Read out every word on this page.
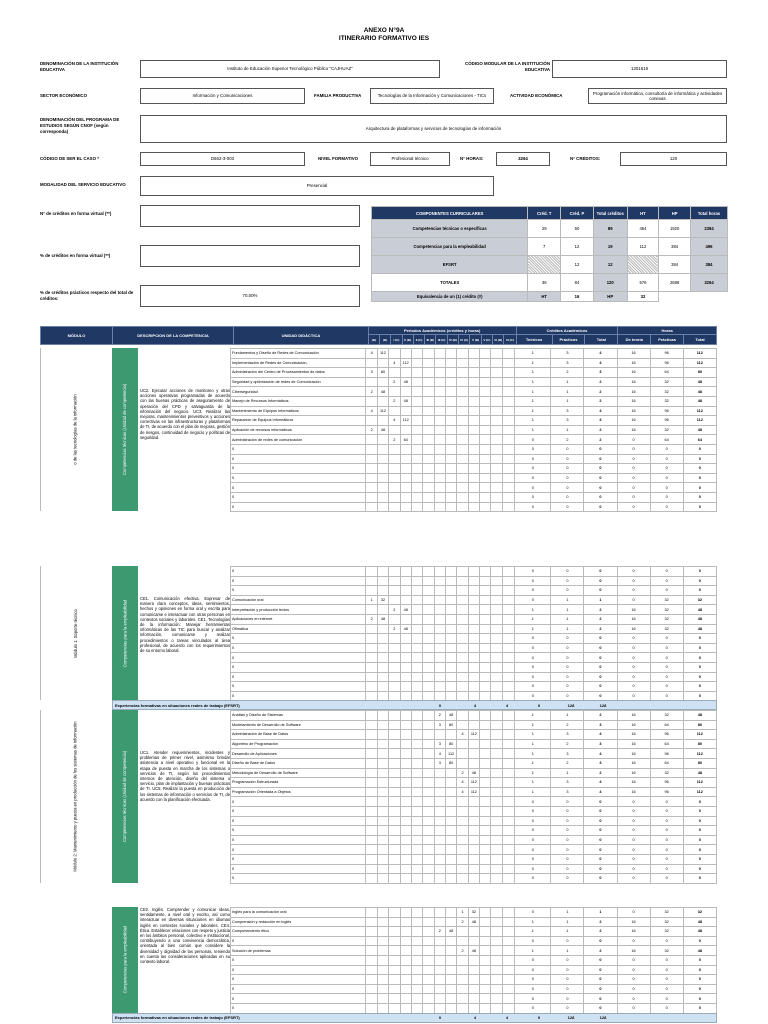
ANEXO N°9A
ITINERARIO FORMATIVO IES
DENOMINACIÓN DE LA INSTITUCIÓN EDUCATIVA	Instituto de Educación Superior Tecnológico Público "CAJHUAZ"
CÓDIGO MODULAR DE LA INSTITUCIÓN EDUCATIVA	1301619
SECTOR ECONÓMICO	Información y Comunicaciones	FAMILIA PRODUCTIVA	Tecnologías de la Información y Comunicaciones - TICs	ACTIVIDAD ECONÓMICA	Programación informática, consultoría de informática y actividades conexas
DENOMINACIÓN DEL PROGRAMA DE ESTUDIOS SEGÚN CNOF (según corresponda)
Arquitectura de plataformas y servicios de tecnologías de información
CÓDIGO DE SER EL CASO *	D662-3-003	NIVEL FORMATIVO	Profesional técnico	N° HORAS:	3264	N° CRÉDITOS:	120
MODALIDAD DEL SERVICIO EDUCATIVO	Presencial
N° de créditos en forma virtual (**)
% de créditos en forma virtual (**)
% de créditos prácticos respecto del total de créditos:
70.00%
COMPONENTES CURRICULARES	Créd. T	Créd. P	Total créditos	HT	HP	Total horas
Competencias técnicas o específicas	29	60	89	464	1920	2384
Competencias para la empleabilidad	7	12	19	112	384	496
EFSRT		12	12		384	384
TOTALES	36	84	120	576	2688	3264
Equivalencia de un (1) crédito (#)	HT	16	HP	32		
MÓDULO	DESCRIPCION DE LA COMPETENCIA	UNIDAD DIDÁCTICA	Periodos Académicos (créditos y horas)													Créditos Académicos			Horas		
			(B)	(B)	I (C)	II (B)	II (C)	III (B)	III (C)	IV (B)	IV (C)	V (B)	V (C)	VI (B)	VI (C)	Teóricos	Prácticos	Total	De teoría	Prácticas	Total
o de las tecnologías de la información	Competencias técnicas (Unidad de competencia)	UC2. Ejecutar acciones de monitoreo y otras acciones operativas programadas de acuerdo con las buenas prácticas de aseguramiento de operación del CPD y salvaguarda de la información del negocio. UC3. Realizar las mejoras, mantenimientos preventivos y acciones correctivas en las infraestructuras y plataformas de TI, de acuerdo con el plan de mejoras, gestión de riesgos, continuidad de negocio y políticas de seguridad.
Fundamentos y Diseño de Redes de Comunicación	4	112												1	3	4	16	96	112
Implementación de Redes de Comunicación.			4	112										1	3	4	16	96	112
Administración del Centro de Procesamientos de datos	3	80												1	2	3	16	64	80
Seguridad y optimización de redes de Comunicación			2	48										1	1	2	16	32	48
Ciberseguridad	2	48												1	1	2	16	32	48
Manejo de Recursos Informáticos			2	48										1	1	2	16	32	48
Mantenimiento de Equipos Informáticos	4	112												1	3	4	16	96	112
Reparación de Equipos Informáticos			4	112										1	3	4	16	96	112
Aplicación de recursos informáticos	2	48												1	1	2	16	32	48
Administración de redes de comunicación			2	64										0	2	2	0	64	64
0														0	0	0	0	0	0
0														0	0	0	0	0	0
0														0	0	0	0	0	0
0														0	0	0	0	0	0
0														0	0	0	0	0	0
0														0	0	0	0	0	0
0														0	0	0	0	0	0
Módulo 1: Soporte técnico	Competencias para la empleabilidad
CE1. Comunicación efectiva. Expresar de manera clara conceptos, ideas, sentimientos, hechos y opiniones en forma oral y escrita para comunicarse e interactuar con otras personas en contextos sociales y laborales. CE1. Tecnologías de la información: Manejar herramientas informáticas de las TIC para buscar y analizar información, comunicarse y realizar procedimientos o tareas vinculados al área profesional, de acuerdo con los requerimientos de su entorno laboral.
0														0	0	0	0	0	0
0														0	0	0	0	0	0
0														0	0	0	0	0	0
Comunicación oral	1	32												0	1	1	0	32	32
Interpretación y producción textos			2	48										1	1	2	16	32	48
Aplicaciones en internet	2	48												1	1	2	16	32	48
Ofimática			2	48										1	1	2	16	32	48
0														0	0	0	0	0	0
0														0	0	0	0	0	0
0														0	0	0	0	0	0
0														0	0	0	0	0	0
0														0	0	0	0	0	0
0														0	0	0	0	0	0
0														0	0	0	0	0	0
Experiencias formativas en situaciones reales de trabajo (EFSRT)	0	4	4	0	128	128
Módulo 2: Mantenimiento y puesta en producción de los sistemas de información	Competencias técnicas (Unidad de competencia)	UC1. Atender requerimientos, incidentes y problemas de primer nivel, asimismo brindar asistencia a nivel operativo y funcional en la etapa de puesta en marcha de los sistemas o servicios de TI, según los procedimientos internos de atención, diseño del sistema o servicio, plan de implantación y buenas prácticas de TI. UC5. Realizar la puesta en producción de los sistemas de información o servicios de TI, de acuerdo con la planificación efectuada.
Análisis y Diseño de Sistemas							2	48						1	1	2	16	32	48
Modelamiento de Desarrollo de Software							3	80						1	2	3	16	64	80
Administración de Base de Datos									4	112				1	3	4	16	96	112
Algoritmo de Programación							3	80						1	2	3	16	64	80
Desarrollo de Aplicaciones							4	112						1	3	4	16	96	112
Diseño de Base de Datos							3	80						1	2	3	16	64	80
Metodología de Desarrollo de Software									2	48				1	1	2	16	32	48
Programación Estructurada									4	112				1	3	4	16	96	112
Programación Orientada a Objetos									4	112				1	3	4	16	96	112
0														0	0	0	0	0	0
0														0	0	0	0	0	0
0														0	0	0	0	0	0
0														0	0	0	0	0	0
0														0	0	0	0	0	0
0														0	0	0	0	0	0
0														0	0	0	0	0	0
0														0	0	0	0	0	0
0														0	0	0	0	0	0
Competencias para la empleabilidad
CE2. Inglés. Comprender y comunicar ideas, sentidamente, a nivel oral y escrito, así como interactuar en diversas situaciones en idiomas inglés en contextos sociales y laborales. CE4. Ética. Establecer relaciones con respeto y justicia en los ámbitos personal, colectivo e institucional, contribuyendo a una convivencia democrática, orientada al bien común que considere la diversidad y dignidad de las personas, teniendo en cuenta las consideraciones aplicadas en su contexto laboral.
Inglés para la comunicación oral									1	32				0	1	1	0	32	32
Comprensión y redacción en inglés									2	48				1	1	2	16	32	48
Comportamiento ético							2	48						1	1	2	16	32	48
0														0	0	0	0	0	0
Solución de problemas									2	48				1	1	2	16	32	48
0														0	0	0	0	0	0
0														0	0	0	0	0	0
0														0	0	0	0	0	0
0														0	0	0	0	0	0
0														0	0	0	0	0	0
0														0	0	0	0	0	0
Experiencias formativas en situaciones reales de trabajo (EFSRT)	0	4	4	0	128	128
